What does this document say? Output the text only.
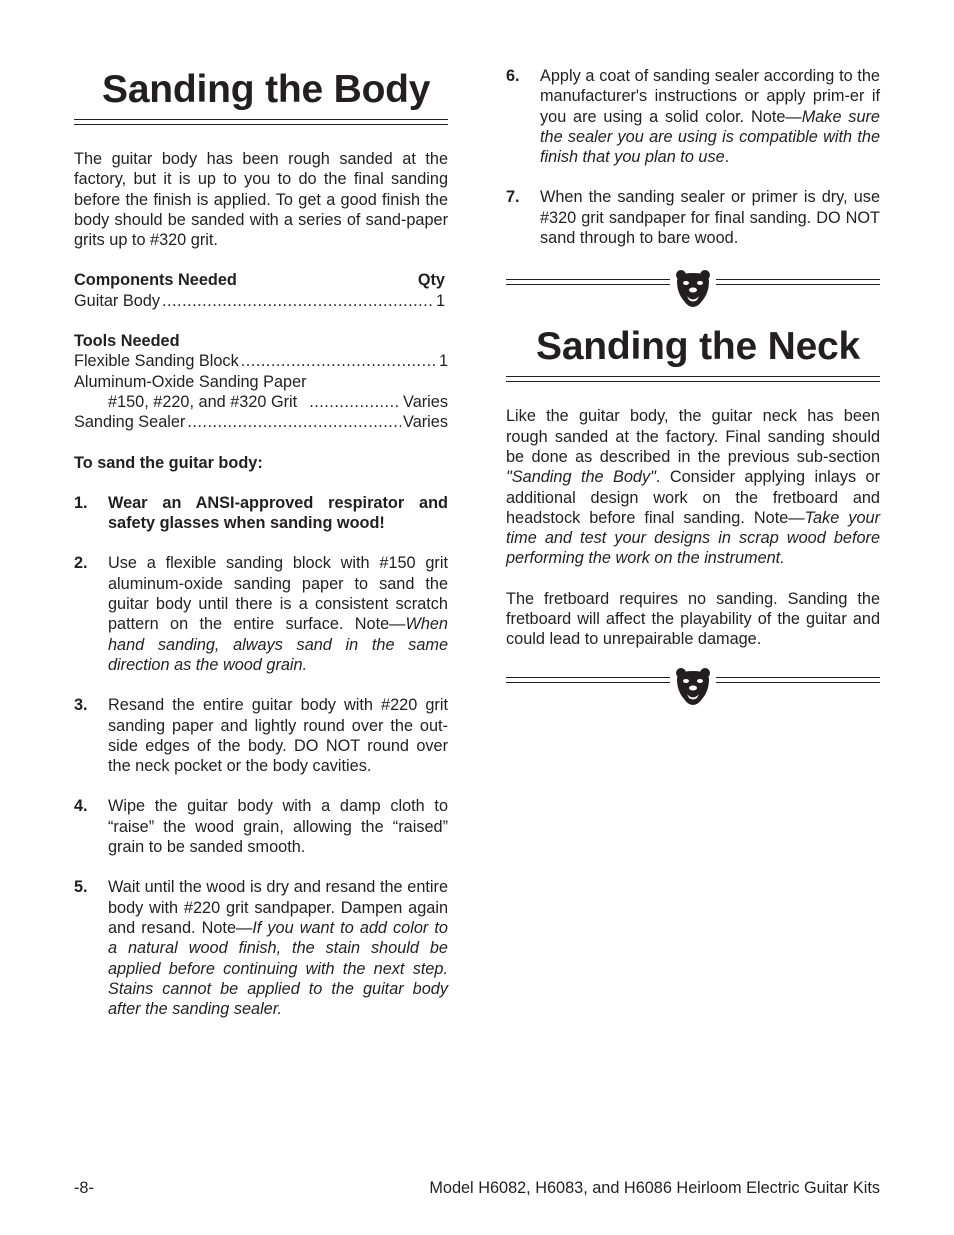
Sanding the Body

The guitar body has been rough sanded at the factory, but it is up to you to do the final sanding before the finish is applied. To get a good finish the body should be sanded with a series of sand-paper grits up to #320 grit.

Components Needed	Qty
Guitar Body .....	1
Tools Needed
Flexible Sanding Block .....	1
Aluminum-Oxide Sanding Paper
#150, #220, and #320 Grit .....	Varies
Sanding Sealer .....	Varies
To sand the guitar body:
1.	Wear an ANSI-approved respirator and safety glasses when sanding wood!
2.	Use a flexible sanding block with #150 grit aluminum-oxide sanding paper to sand the guitar body until there is a consistent scratch pattern on the entire surface. Note—When hand sanding, always sand in the same direction as the wood grain.
3.	Resand the entire guitar body with #220 grit sanding paper and lightly round over the out-side edges of the body. DO NOT round over the neck pocket or the body cavities.
4.	Wipe the guitar body with a damp cloth to “raise” the wood grain, allowing the “raised” grain to be sanded smooth.
5.	Wait until the wood is dry and resand the entire body with #220 grit sandpaper. Dampen again and resand. Note—If you want to add color to a natural wood finish, the stain should be applied before continuing with the next step. Stains cannot be applied to the guitar body after the sanding sealer.
6.	Apply a coat of sanding sealer according to the manufacturer's instructions or apply prim-er if you are using a solid color. Note—Make sure the sealer you are using is compatible with the finish that you plan to use.
7.	When the sanding sealer or primer is dry, use #320 grit sandpaper for final sanding. DO NOT sand through to bare wood.
Sanding the Neck

Like the guitar body, the guitar neck has been rough sanded at the factory. Final sanding should be done as described in the previous sub-section "Sanding the Body". Consider applying inlays or additional design work on the fretboard and headstock before final sanding. Note—Take your time and test your designs in scrap wood before performing the work on the instrument.

The fretboard requires no sanding. Sanding the fretboard will affect the playability of the guitar and could lead to unrepairable damage.

-8-	Model H6082, H6083, and H6086 Heirloom Electric Guitar Kits
